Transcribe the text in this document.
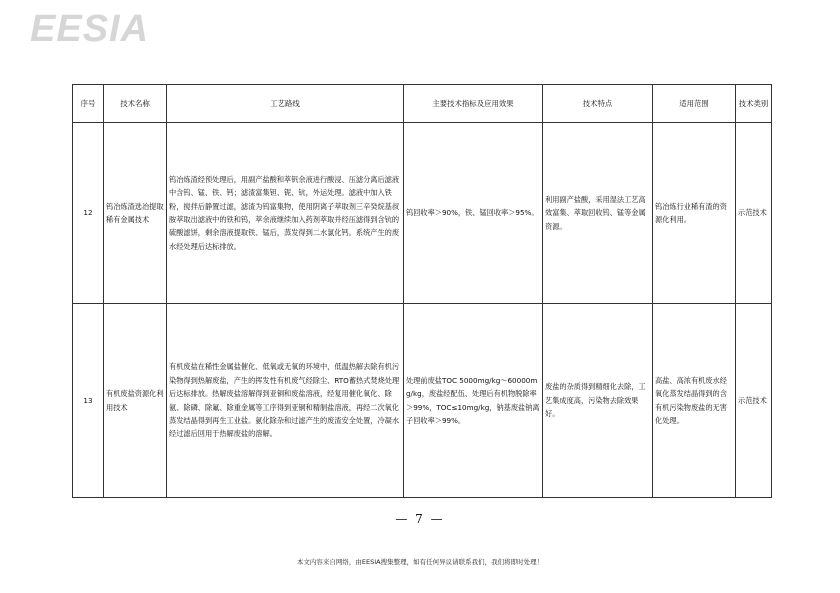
EESIA
序号	技术名称	工艺路线	主要技术指标及应用效果	技术特点	适用范围	技术类别
12	钨冶炼渣选冶提取稀有金属技术	钨冶炼渣经预处理后，用副产盐酸和萃钒余液进行酸浸、压滤分离后滤液中含钨、锰、铁、钙；滤渣富集钽、铌、钪，外运处理。滤液中加入铁粉，搅拌后静置过滤，滤渣为钨富集物，使用阴离子萃取剂三辛癸烷基叔胺萃取出滤液中的铁和钨，萃余液继续加入药剂萃取并经压滤得到含钪的硫酸滤饼，剩余溶液提取铁、锰后，蒸发得到二水氯化钙。系统产生的废水经处理后达标排放。	钨回收率＞90%，铁、锰回收率＞95%。	利用副产盐酸，采用湿法工艺高效富集、萃取回收钨、锰等金属资源。	钨冶炼行业稀有渣的资源化利用。	示范技术
13	有机废盐资源化利用技术	有机废盐在稀性金属盐催化、低氧或无氧的环境中，低温热解去除有机污染物得到热解废盐，产生的挥发性有机废气经除尘、RTO蓄热式焚烧处理后达标排放。热解废盐溶解得到亚铜和废盐溶液，经复用催化氧化、除氨、除磷、除氟、除重金属等工序得到亚铜和精制盐溶液，再经二次氧化蒸发结晶得到再生工业盐。氨化除杂和过滤产生的废渣安全处置，冷凝水经过滤后回用于热解废盐的溶解。	处理前废盐TOC 5000mg/kg～60000mg/kg，废盐经配伍、处理后有机物脱除率＞99%，TOC≤10mg/kg，钠基废盐钠离子回收率＞99%。	废盐的杂质得到精细化去除，工艺集成度高，污染物去除效果好。	高盐、高浓有机废水经氧化蒸发结晶得到的含有机污染物废盐的无害化处理。	示范技术
— 7 —
本文内容来自网络，由EESIA搜集整理，如有任何异议请联系我们，我们将即时处理！
